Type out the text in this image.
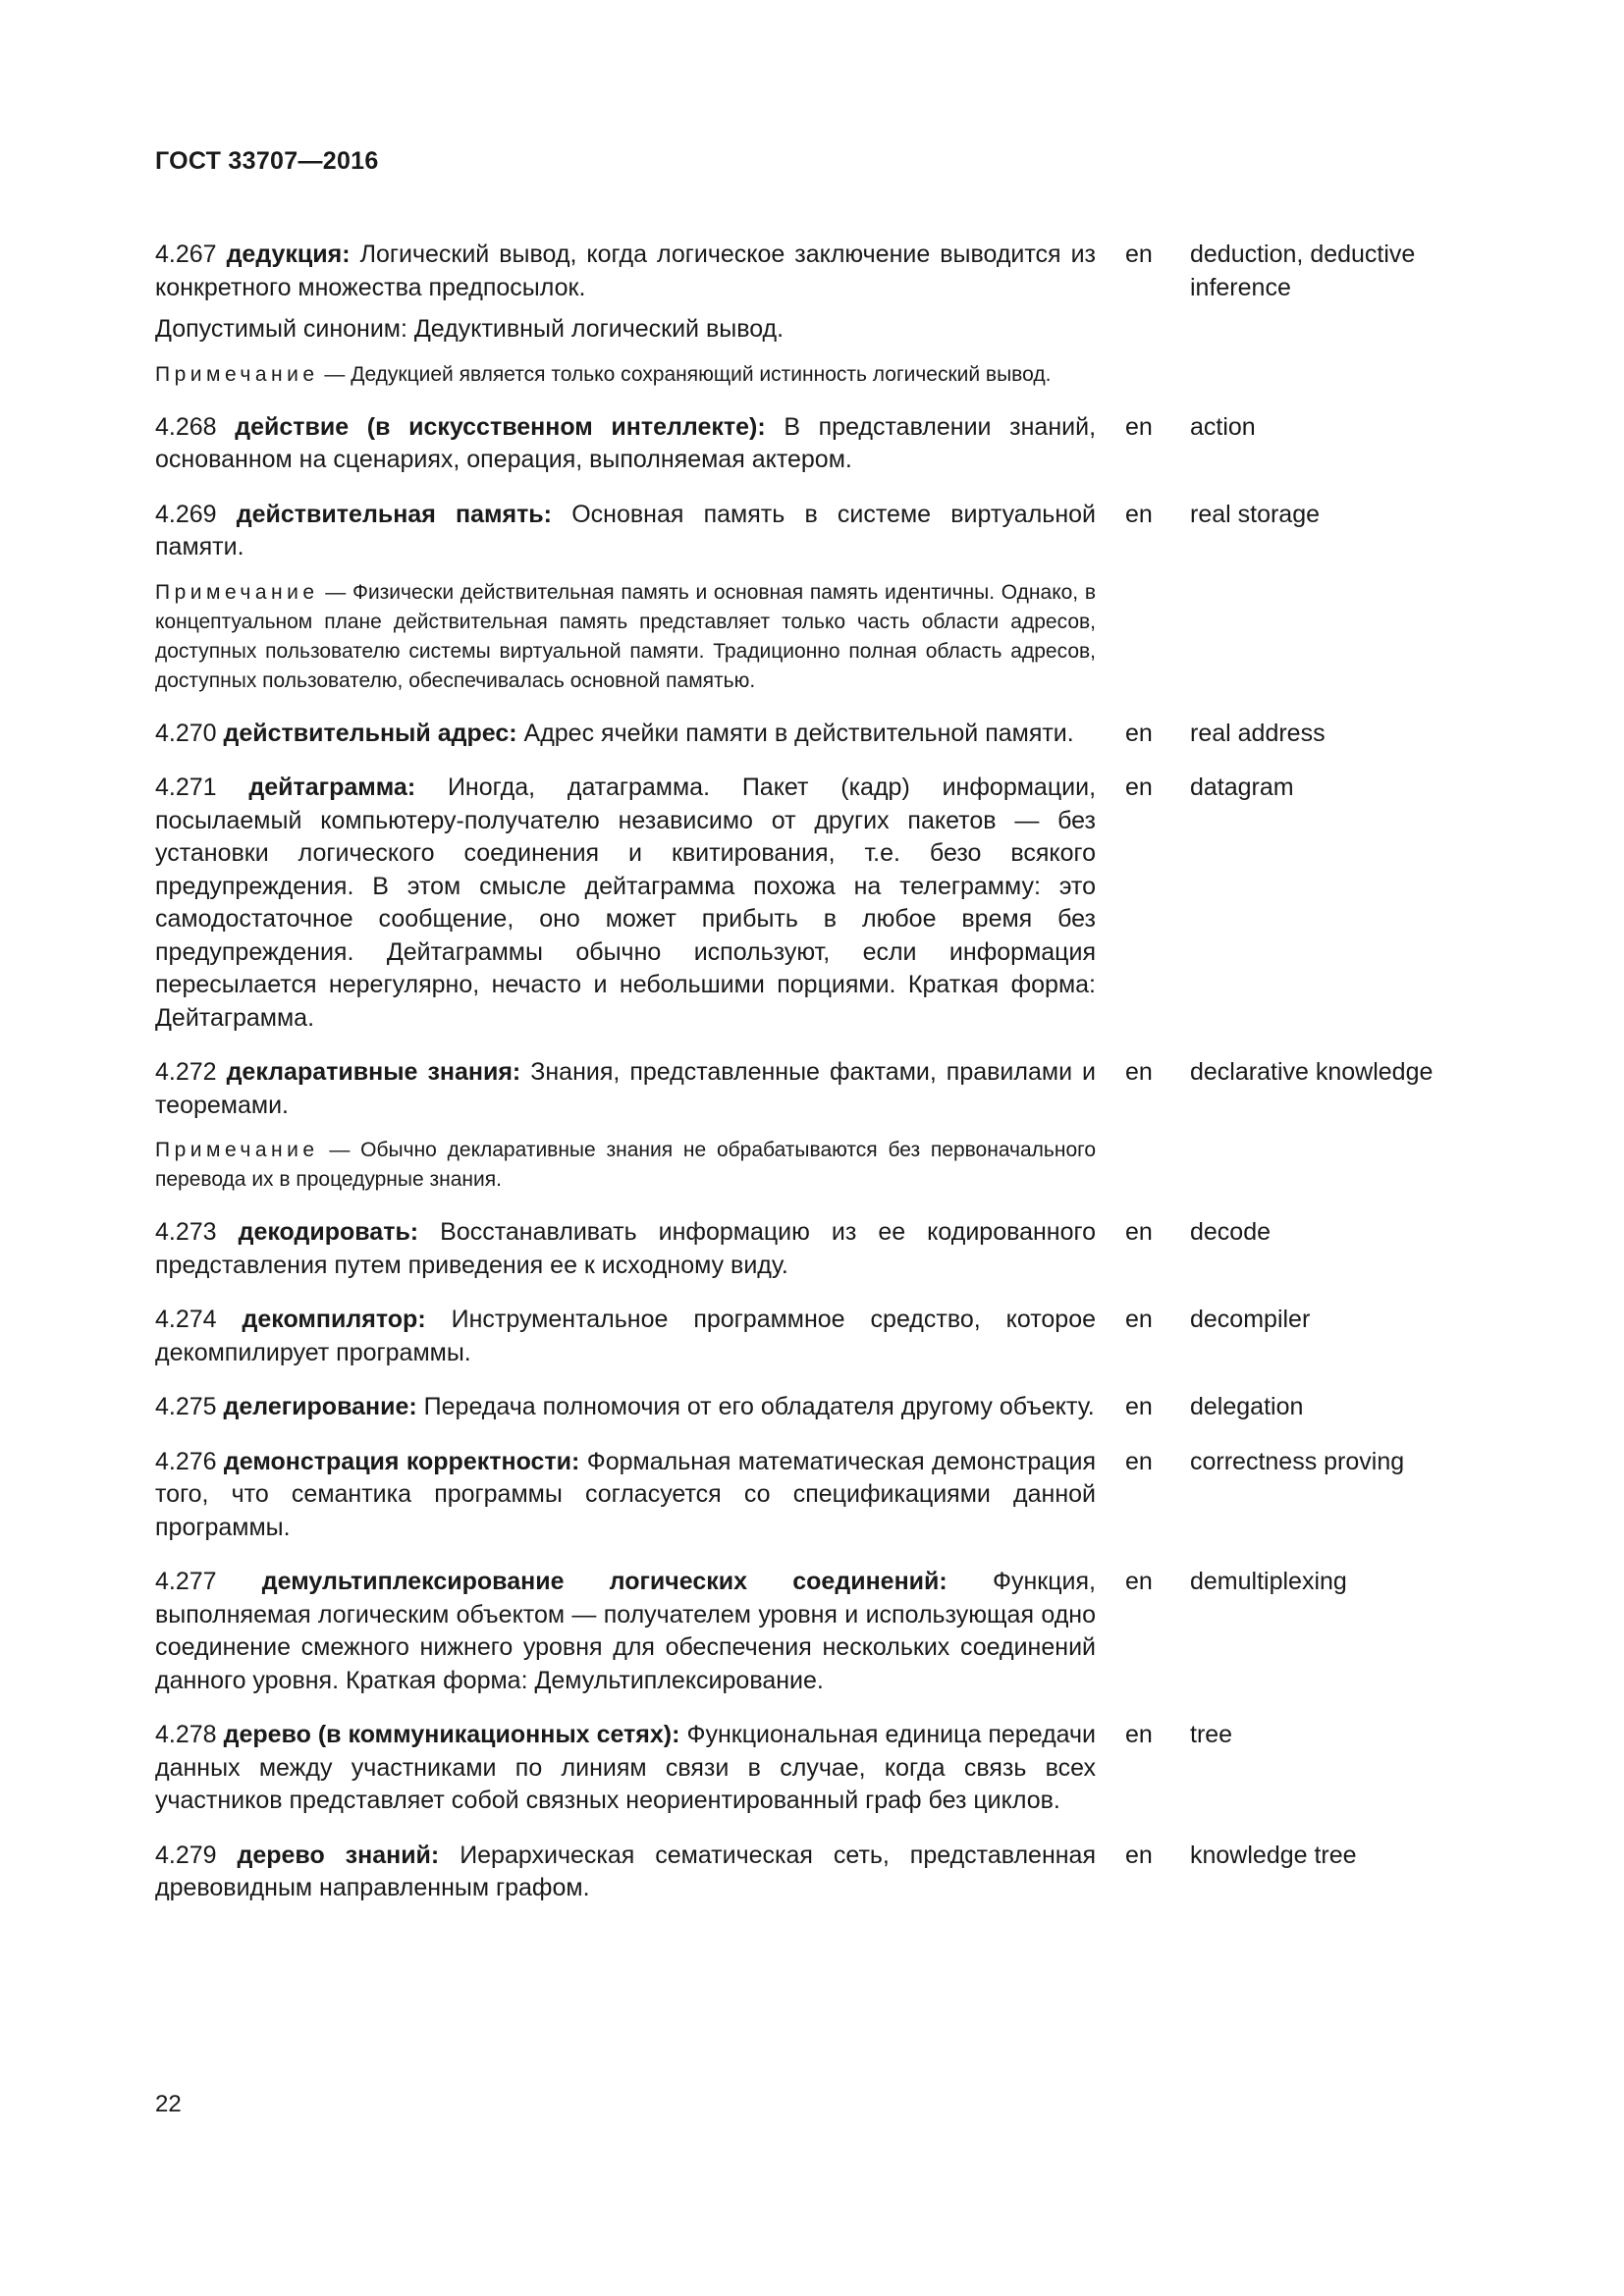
ГОСТ 33707—2016

4.267 дедукция: Логический вывод, когда логическое заключение выводится из конкретного множества предпосылок.

Допустимый синоним: Дедуктивный логический вывод.

Примечание — Дедукцией является только сохраняющий истинность логический вывод.
en deduction, deductive inference

4.268 действие (в искусственном интеллекте): В представлении знаний, основанном на сценариях, операция, выполняемая актером.

en action

4.269 действительная память: Основная память в системе виртуальной памяти.

Примечание — Физически действительная память и основная память идентичны. Однако, в концептуальном плане действительная память представляет только часть области адресов, доступных пользователю системы виртуальной памяти. Традиционно полная область адресов, доступных пользователю, обеспечивалась основной памятью.
en real storage

4.270 действительный адрес: Адрес ячейки памяти в действительной памяти.	en real address

4.271 дейтаграмма: Иногда, датаграмма. Пакет (кадр) информации, посылаемый компьютеру-получателю независимо от других пакетов — без установки логического соединения и квитирования, т.е. безо всякого предупреждения. В этом смысле дейтаграмма похожа на телеграмму: это самодостаточное сообщение, оно может прибыть в любое время без предупреждения. Дейтаграммы обычно используют, если информация пересылается нерегулярно, нечасто и небольшими порциями. Краткая форма: Дейтаграмма.

en datagram

4.272 декларативные знания: Знания, представленные фактами, правилами и теоремами.

Примечание — Обычно декларативные знания не обрабатываются без первоначального перевода их в процедурные знания.
en declarative knowledge

4.273 декодировать: Восстанавливать информацию из ее кодированного представления путем приведения ее к исходному виду.

en decode

4.274 декомпилятор: Инструментальное программное средство, которое декомпилирует программы.

en decompiler

4.275 делегирование: Передача полномочия от его обладателя другому объекту. en delegation

4.276 демонстрация корректности: Формальная математическая демонстрация того, что семантика программы согласуется со спецификациями данной программы.

en correctness proving

4.277 демультиплексирование логических соединений: Функция, выполняемая логическим объектом — получателем уровня и использующая одно соединение смежного нижнего уровня для обеспечения нескольких соединений данного уровня. Краткая форма: Демультиплексирование.

en demultiplexing

4.278 дерево (в коммуникационных сетях): Функциональная единица передачи данных между участниками по линиям связи в случае, когда связь всех участников представляет собой связных неориентированный граф без циклов.

en tree

4.279 дерево знаний: Иерархическая сематическая сеть, представленная древовидным направленным графом.

en knowledge tree
22
